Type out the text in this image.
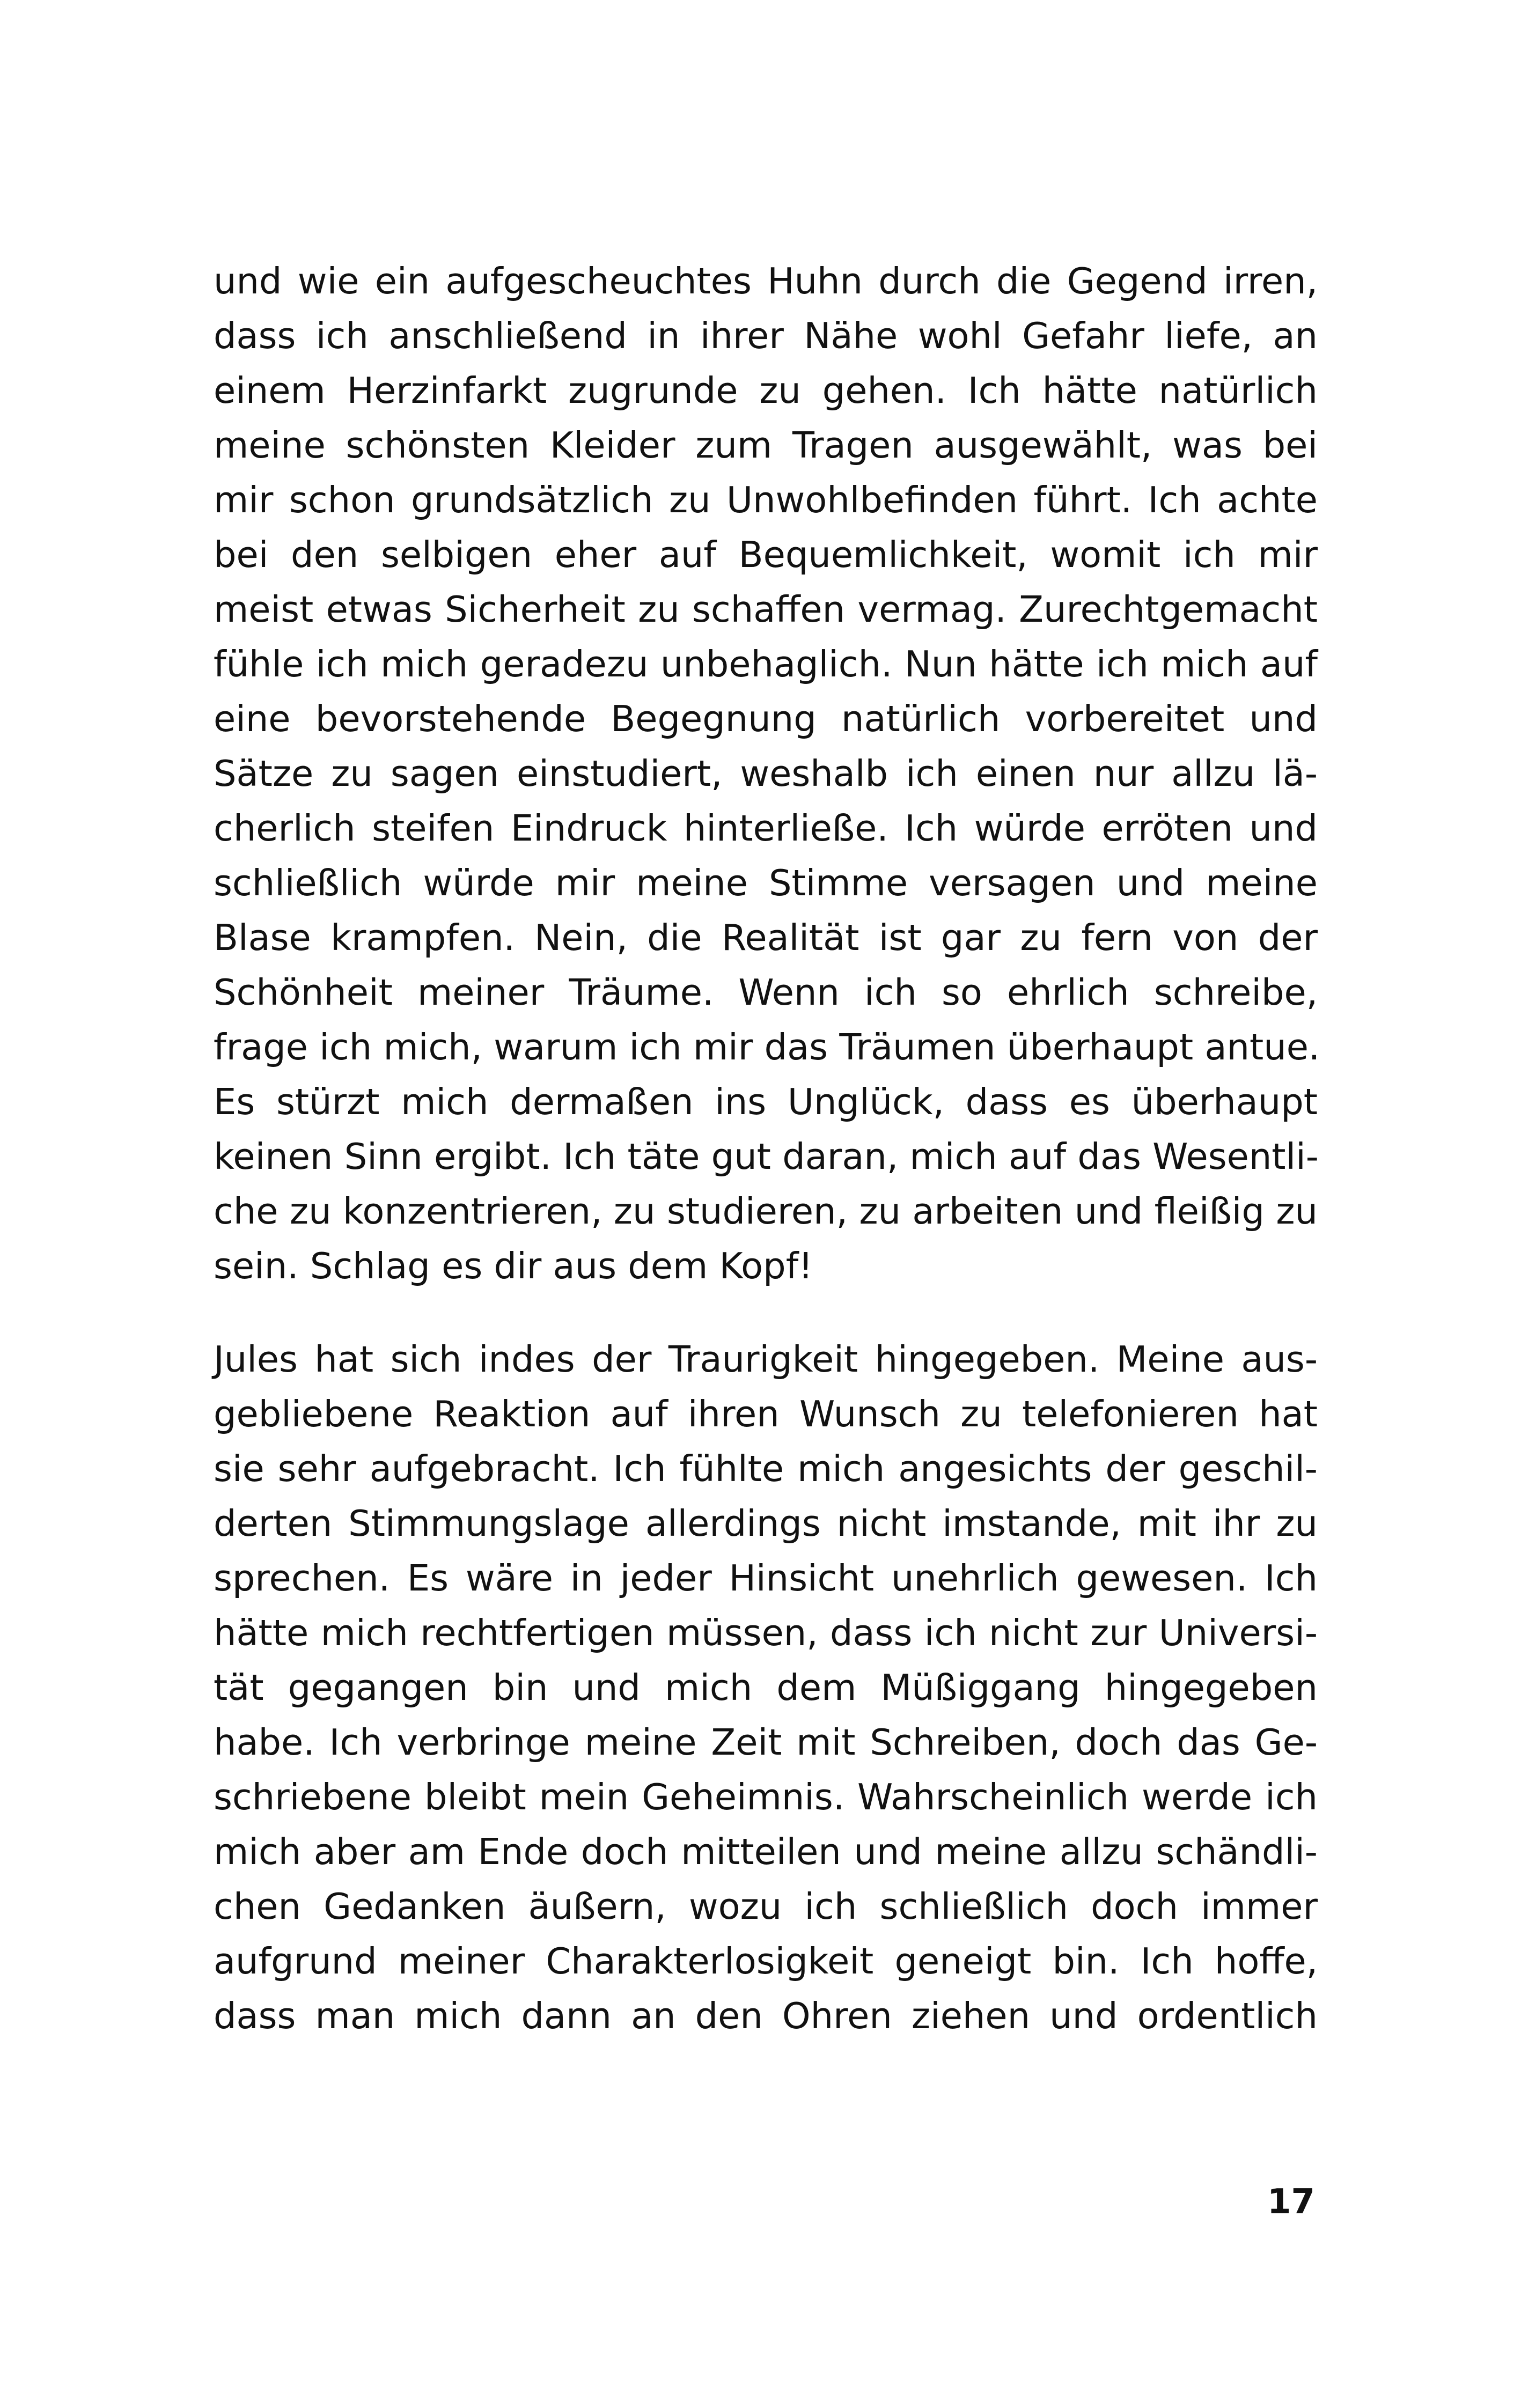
und wie ein aufgescheuchtes Huhn durch die Gegend irren,
dass ich anschließend in ihrer Nähe wohl Gefahr liefe, an
einem Herzinfarkt zugrunde zu gehen. Ich hätte natürlich
meine schönsten Kleider zum Tragen ausgewählt, was bei
mir schon grundsätzlich zu Unwohlbefinden führt. Ich achte
bei den selbigen eher auf Bequemlichkeit, womit ich mir
meist etwas Sicherheit zu schaffen vermag. Zurechtgemacht
fühle ich mich geradezu unbehaglich. Nun hätte ich mich auf
eine bevorstehende Begegnung natürlich vorbereitet und
Sätze zu sagen einstudiert, weshalb ich einen nur allzu lä-
cherlich steifen Eindruck hinterließe. Ich würde erröten und
schließlich würde mir meine Stimme versagen und meine
Blase krampfen. Nein, die Realität ist gar zu fern von der
Schönheit meiner Träume. Wenn ich so ehrlich schreibe,
frage ich mich, warum ich mir das Träumen überhaupt antue.
Es stürzt mich dermaßen ins Unglück, dass es überhaupt
keinen Sinn ergibt. Ich täte gut daran, mich auf das Wesentli-
che zu konzentrieren, zu studieren, zu arbeiten und fleißig zu
sein. Schlag es dir aus dem Kopf!
Jules hat sich indes der Traurigkeit hingegeben. Meine aus-
gebliebene Reaktion auf ihren Wunsch zu telefonieren hat
sie sehr aufgebracht. Ich fühlte mich angesichts der geschil-
derten Stimmungslage allerdings nicht imstande, mit ihr zu
sprechen. Es wäre in jeder Hinsicht unehrlich gewesen. Ich
hätte mich rechtfertigen müssen, dass ich nicht zur Universi-
tät gegangen bin und mich dem Müßiggang hingegeben
habe. Ich verbringe meine Zeit mit Schreiben, doch das Ge-
schriebene bleibt mein Geheimnis. Wahrscheinlich werde ich
mich aber am Ende doch mitteilen und meine allzu schändli-
chen Gedanken äußern, wozu ich schließlich doch immer
aufgrund meiner Charakterlosigkeit geneigt bin. Ich hoffe,
dass man mich dann an den Ohren ziehen und ordentlich
17
